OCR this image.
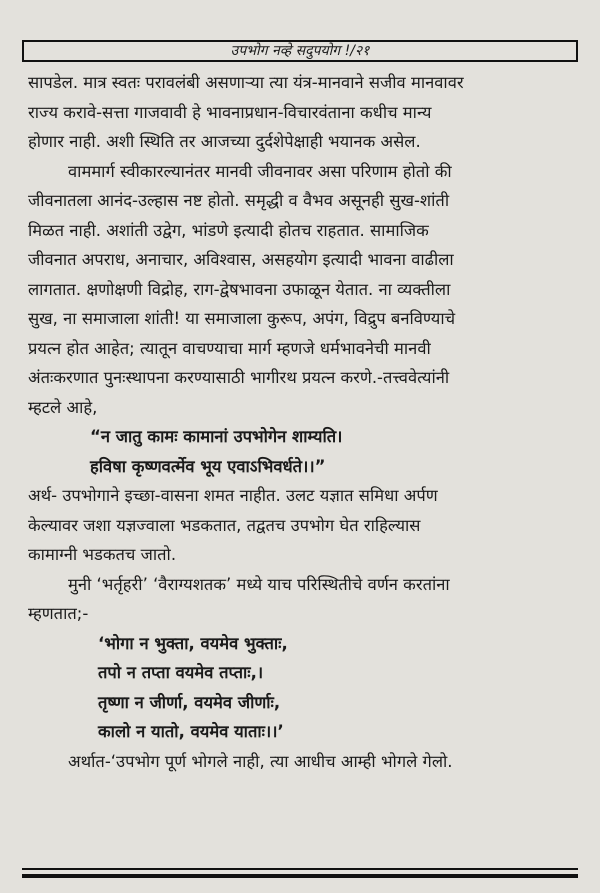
उपभोग नव्हे सदुपयोग !/२१
सापडेल. मात्र स्वतः परावलंबी असणाऱ्या त्या यंत्र-मानवाने सजीव मानवावर
राज्य करावे-सत्ता गाजवावी हे भावनाप्रधान-विचारवंताना कधीच मान्य
होणार नाही. अशी स्थिति तर आजच्या दुर्दशेपेक्षाही भयानक असेल.
वाममार्ग स्वीकारल्यानंतर मानवी जीवनावर असा परिणाम होतो की
जीवनातला आनंद-उल्हास नष्ट होतो. समृद्धी व वैभव असूनही सुख-शांती
मिळत नाही. अशांती उद्वेग, भांडणे इत्यादी होतच राहतात. सामाजिक
जीवनात अपराध, अनाचार, अविश्वास, असहयोग इत्यादी भावना वाढीला
लागतात. क्षणोक्षणी विद्रोह, राग-द्वेषभावना उफाळून येतात. ना व्यक्तीला
सुख, ना समाजाला शांती! या समाजाला कुरूप, अपंग, विद्रुप बनविण्याचे
प्रयत्न होत आहेत; त्यातून वाचण्याचा मार्ग म्हणजे धर्मभावनेची मानवी
अंतःकरणात पुनःस्थापना करण्यासाठी भागीरथ प्रयत्न करणे.-तत्त्ववेत्यांनी
म्हटले आहे,
“न जातु कामः कामानां उपभोगेन शाम्यति।
हविषा कृष्णवर्त्मेव भूय एवाऽभिवर्धते।।”
अर्थ- उपभोगाने इच्छा-वासना शमत नाहीत. उलट यज्ञात समिधा अर्पण
केल्यावर जशा यज्ञज्वाला भडकतात, तद्वतच उपभोग घेत राहिल्यास
कामाग्नी भडकतच जातो.
मुनी ‘भर्तृहरी’ ‘वैराग्यशतक’ मध्ये याच परिस्थितीचे वर्णन करतांना
म्हणतात;-
‘भोगा न भुक्ता, वयमेव भुक्ताः,
तपो न तप्ता वयमेव तप्ताः,।
तृष्णा न जीर्णा, वयमेव जीर्णाः,
कालो न यातो, वयमेव याताः।।’
अर्थात-‘उपभोग पूर्ण भोगले नाही, त्या आधीच आम्ही भोगले गेलो.
